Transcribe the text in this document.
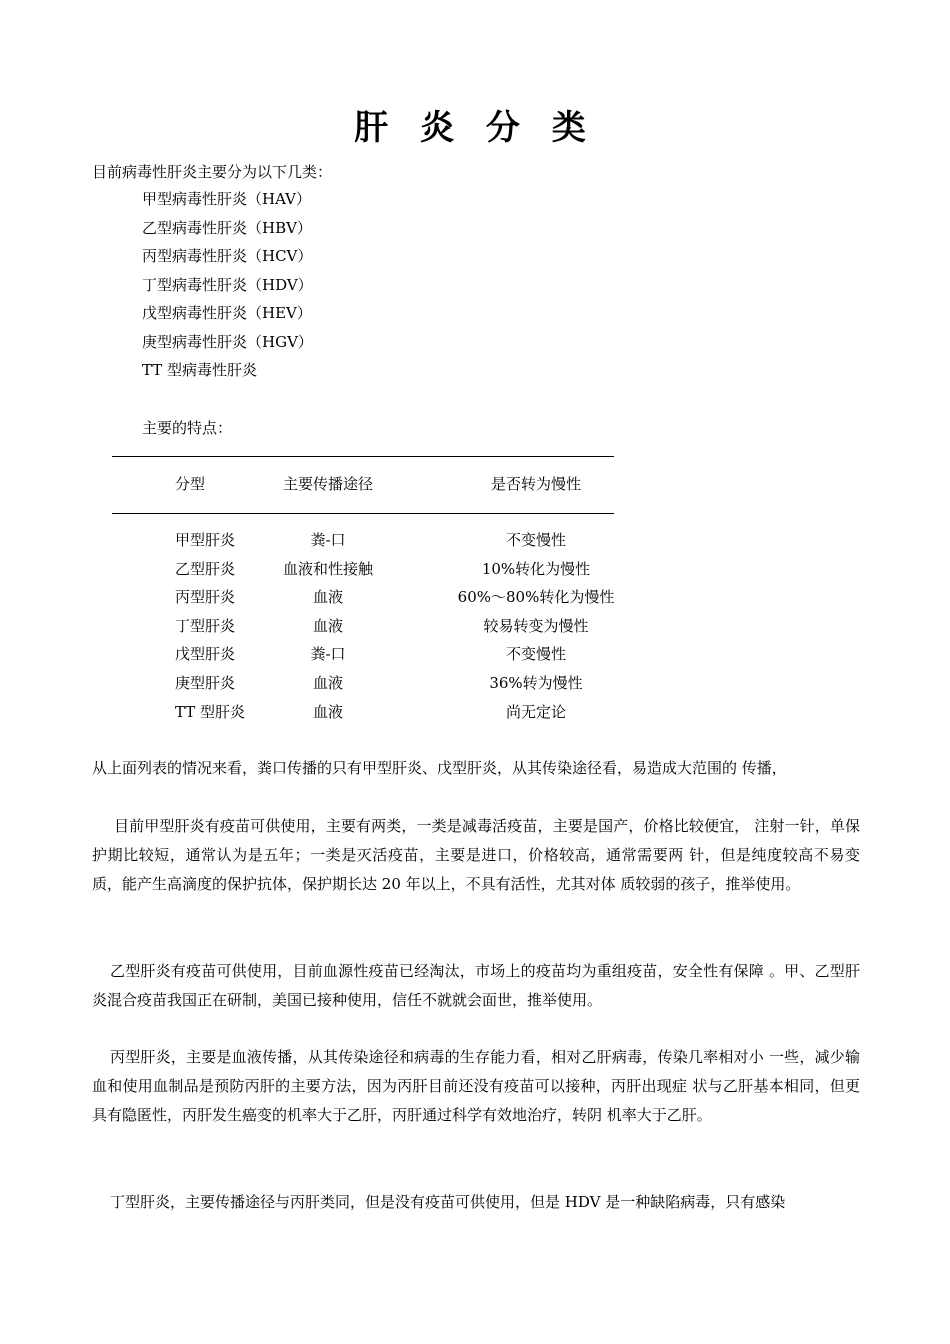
肝 炎 分 类
目前病毒性肝炎主要分为以下几类：
甲型病毒性肝炎（HAV）
乙型病毒性肝炎（HBV）
丙型病毒性肝炎（HCV）
丁型病毒性肝炎（HDV）
戊型病毒性肝炎（HEV）
庚型病毒性肝炎（HGV）
TT 型病毒性肝炎
主要的特点：
分型	主要传播途径	是否转为慢性
甲型肝炎	粪-口	不变慢性
乙型肝炎	血液和性接触	10%转化为慢性
丙型肝炎	血液	60%～80%转化为慢性
丁型肝炎	血液	较易转变为慢性
戊型肝炎	粪-口	不变慢性
庚型肝炎	血液	36%转为慢性
TT 型肝炎	血液	尚无定论

从上面列表的情况来看，粪口传播的只有甲型肝炎、戊型肝炎，从其传染途径看，易造成大范围的 传播，

目前甲型肝炎有疫苗可供使用，主要有两类，一类是减毒活疫苗，主要是国产，价格比较便宜， 注射一针，单保护期比较短，通常认为是五年；一类是灭活疫苗，主要是进口，价格较高，通常需要两 针，但是纯度较高不易变质，能产生高滴度的保护抗体，保护期长达 20 年以上，不具有活性，尤其对体 质较弱的孩子，推举使用。

乙型肝炎有疫苗可供使用，目前血源性疫苗已经淘汰，市场上的疫苗均为重组疫苗，安全性有保障 。甲、乙型肝炎混合疫苗我国正在研制，美国已接种使用，信任不就就会面世，推举使用。

丙型肝炎，主要是血液传播，从其传染途径和病毒的生存能力看，相对乙肝病毒，传染几率相对小 一些，减少输血和使用血制品是预防丙肝的主要方法，因为丙肝目前还没有疫苗可以接种，丙肝出现症 状与乙肝基本相同，但更具有隐匿性，丙肝发生癌变的机率大于乙肝，丙肝通过科学有效地治疗，转阴 机率大于乙肝。

丁型肝炎，主要传播途径与丙肝类同，但是没有疫苗可供使用，但是 HDV 是一种缺陷病毒，只有感染
